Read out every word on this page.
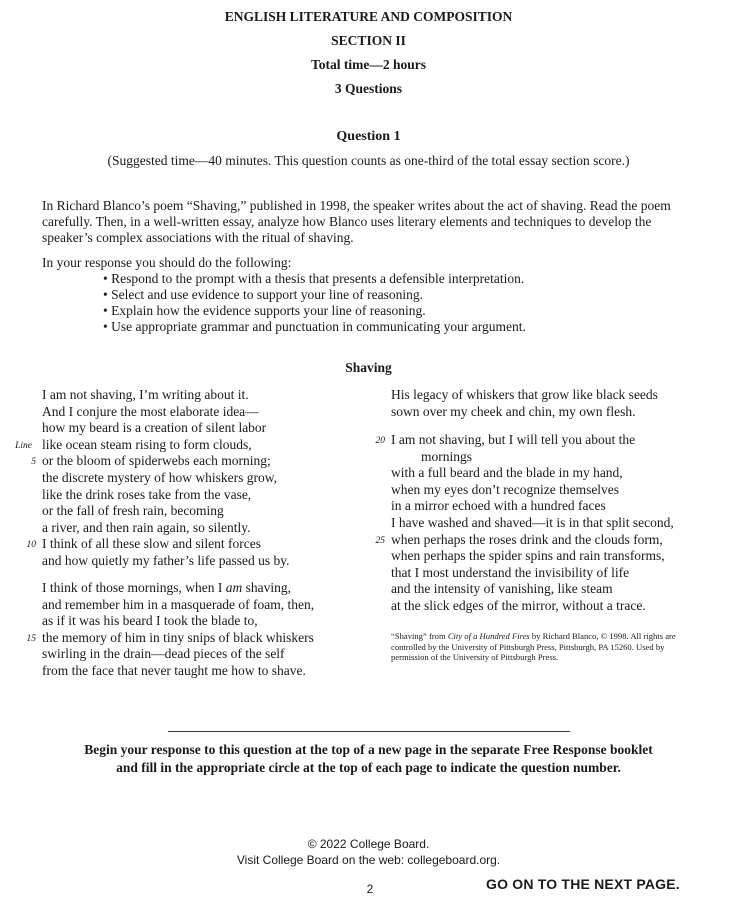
ENGLISH LITERATURE AND COMPOSITION
SECTION II
Total time—2 hours
3 Questions
Question 1
(Suggested time—40 minutes. This question counts as one-third of the total essay section score.)
In Richard Blanco’s poem “Shaving,” published in 1998, the speaker writes about the act of shaving. Read the poem carefully. Then, in a well-written essay, analyze how Blanco uses literary elements and techniques to develop the speaker’s complex associations with the ritual of shaving.
In your response you should do the following:
• Respond to the prompt with a thesis that presents a defensible interpretation.
• Select and use evidence to support your line of reasoning.
• Explain how the evidence supports your line of reasoning.
• Use appropriate grammar and punctuation in communicating your argument.
Shaving
I am not shaving, I’m writing about it.
And I conjure the most elaborate idea—
how my beard is a creation of silent labor
Line like ocean steam rising to form clouds,
5 or the bloom of spiderwebs each morning;
the discrete mystery of how whiskers grow,
like the drink roses take from the vase,
or the fall of fresh rain, becoming
a river, and then rain again, so silently.
10 I think of all these slow and silent forces
and how quietly my father’s life passed us by.
I think of those mornings, when I am shaving,
and remember him in a masquerade of foam, then,
as if it was his beard I took the blade to,
15 the memory of him in tiny snips of black whiskers
swirling in the drain—dead pieces of the self
from the face that never taught me how to shave.
His legacy of whiskers that grow like black seeds
sown over my cheek and chin, my own flesh.
20 I am not shaving, but I will tell you about the
mornings
with a full beard and the blade in my hand,
when my eyes don’t recognize themselves
in a mirror echoed with a hundred faces
I have washed and shaved—it is in that split second,
25 when perhaps the roses drink and the clouds form,
when perhaps the spider spins and rain transforms,
that I most understand the invisibility of life
and the intensity of vanishing, like steam
at the slick edges of the mirror, without a trace.
“Shaving” from City of a Hundred Fires by Richard Blanco, © 1998. All rights are controlled by the University of Pittsburgh Press, Pittsburgh, PA 15260. Used by permission of the University of Pittsburgh Press.
Begin your response to this question at the top of a new page in the separate Free Response booklet
and fill in the appropriate circle at the top of each page to indicate the question number.
© 2022 College Board.
Visit College Board on the web: collegeboard.org.
2	GO ON TO THE NEXT PAGE.
